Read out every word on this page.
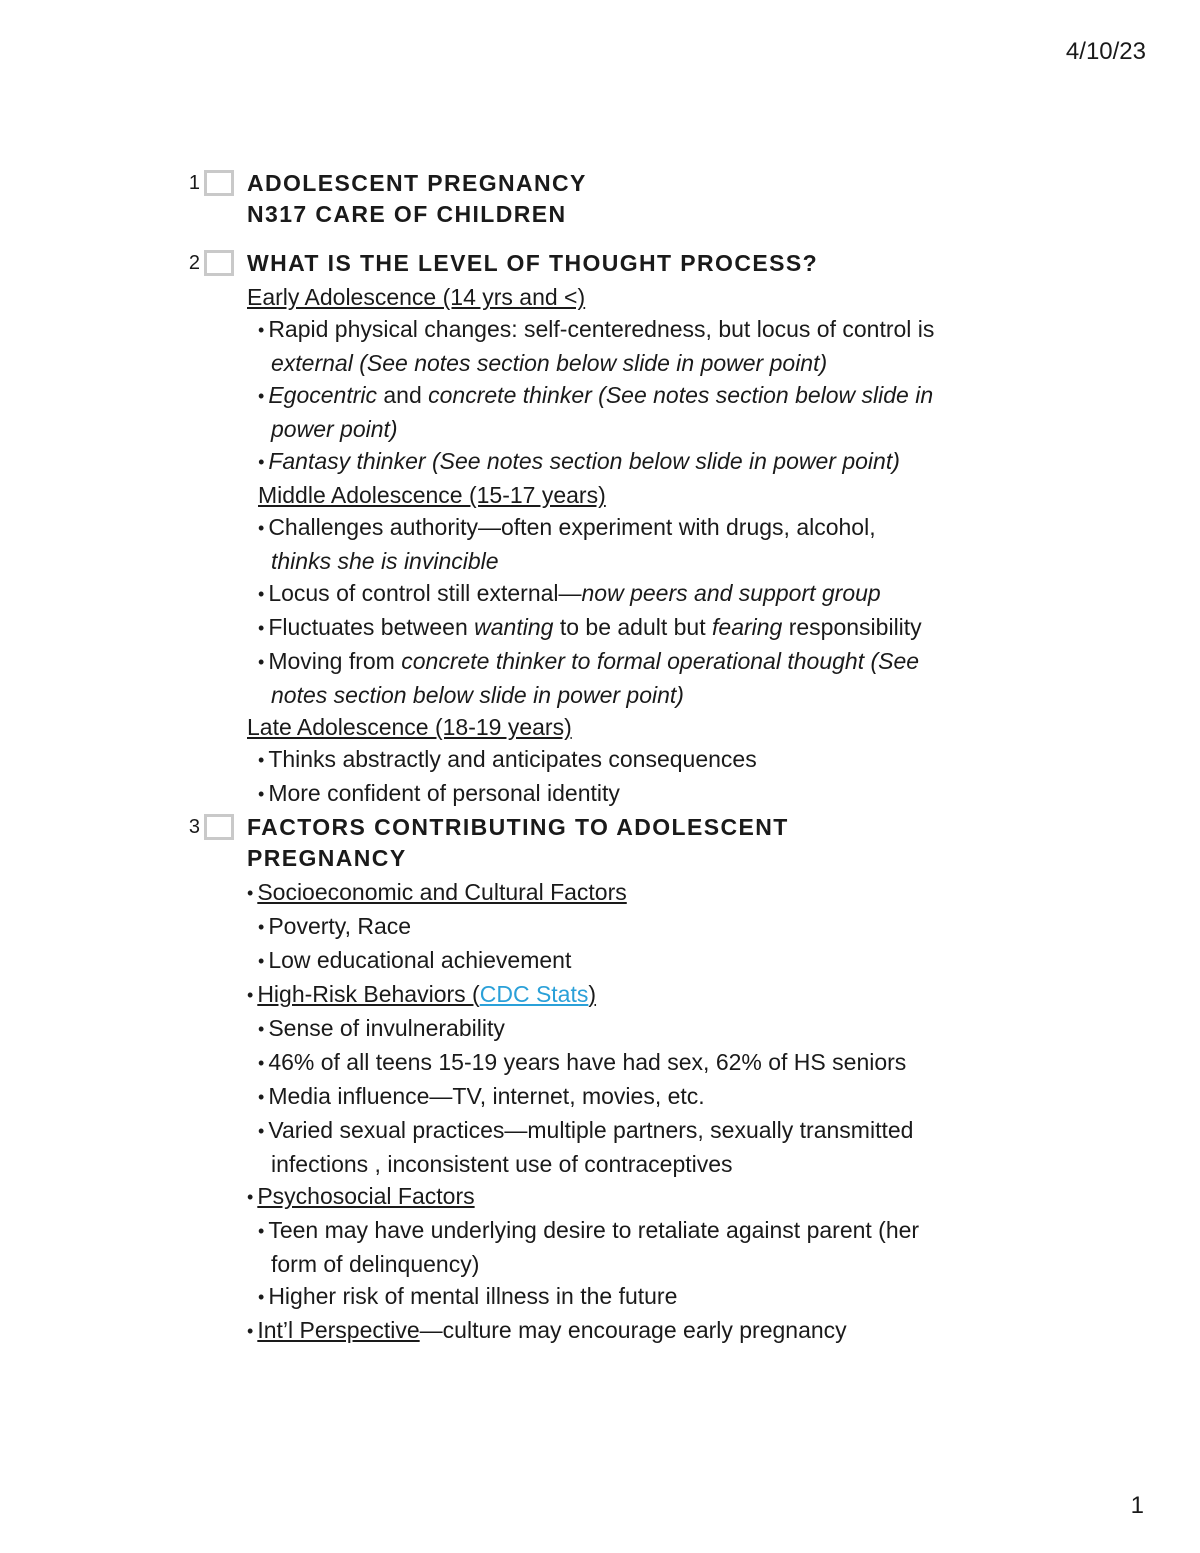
4/10/23
1 ADOLESCENT PREGNANCY
N317 CARE OF CHILDREN
2 WHAT IS THE LEVEL OF THOUGHT PROCESS?
Early Adolescence (14 yrs and <)
• Rapid physical changes: self-centeredness, but locus of control is
external (See notes section below slide in power point)
• Egocentric and concrete thinker (See notes section below slide in
power point)
• Fantasy thinker (See notes section below slide in power point)
Middle Adolescence (15-17 years)
• Challenges authority—often experiment with drugs, alcohol,
thinks she is invincible
• Locus of control still external—now peers and support group
• Fluctuates between wanting to be adult but fearing responsibility
• Moving from concrete thinker to formal operational thought (See
notes section below slide in power point)
Late Adolescence (18-19 years)
• Thinks abstractly and anticipates consequences
• More confident of personal identity
3 FACTORS CONTRIBUTING TO ADOLESCENT
PREGNANCY
• Socioeconomic and Cultural Factors
• Poverty, Race
• Low educational achievement
• High-Risk Behaviors (CDC Stats)
• Sense of invulnerability
• 46% of all teens 15-19 years have had sex, 62% of HS seniors
• Media influence—TV, internet, movies, etc.
• Varied sexual practices—multiple partners, sexually transmitted
infections , inconsistent use of contraceptives
• Psychosocial Factors
• Teen may have underlying desire to retaliate against parent (her
form of delinquency)
• Higher risk of mental illness in the future
• Int’l Perspective—culture may encourage early pregnancy
1
